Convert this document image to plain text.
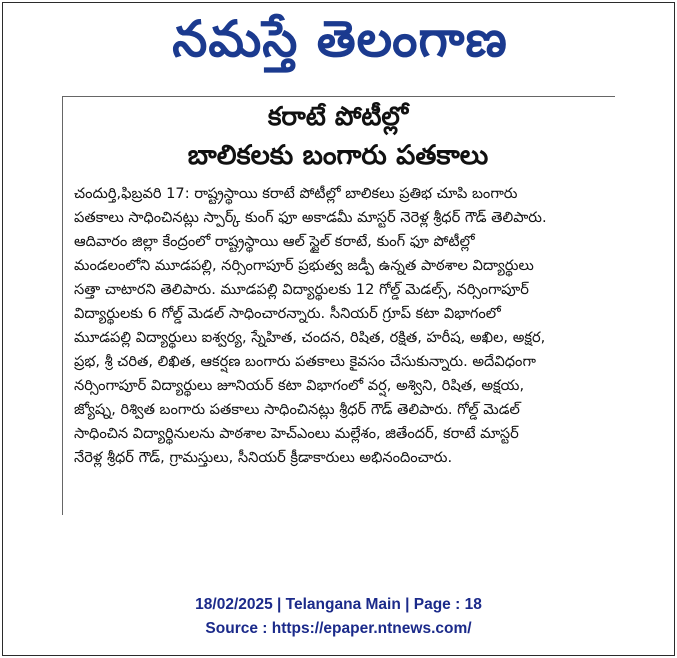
నమస్తే తెలంగాణ
కరాటే పోటీల్లో
బాలికలకు బంగారు పతకాలు
చందుర్తి,ఫిబ్రవరి 17: రాష్ట్రస్థాయి కరాటే పోటీల్లో బాలికలు ప్రతిభ చూపి బంగారు
పతకాలు సాధించినట్లు స్పార్క్ కుంగ్ ఫూ అకాడమీ మాస్టర్ నెరెళ్ల శ్రీధర్ గౌడ్ తెలిపారు.
ఆదివారం జిల్లా కేంద్రంలో రాష్ట్రస్థాయి ఆల్ స్టైల్ కరాటే, కుంగ్ ఫూ పోటీల్లో
మండలంలోని మూడపల్లి, నర్సింగాపూర్ ప్రభుత్వ జడ్పీ ఉన్నత పాఠశాల విద్యార్థులు
సత్తా చాటారని తెలిపారు. మూడపల్లి విద్యార్థులకు 12 గోల్డ్ మెడల్స్, నర్సింగాపూర్
విద్యార్థులకు 6 గోల్డ్ మెడల్ సాధించారన్నారు. సీనియర్ గ్రూప్ కటా విభాగంలో
మూడపల్లి విద్యార్థులు ఐశ్వర్య, స్నేహిత, చందన, రిషిత, రక్షిత, హరీష, అఖిల, అక్షర,
ప్రభ, శ్రీ చరిత, లిఖిత, ఆకర్షణ బంగారు పతకాలు కైవసం చేసుకున్నారు. అదేవిధంగా
నర్సింగాపూర్ విద్యార్థులు జూనియర్ కటా విభాగంలో వర్ష, అశ్విని, రిషిత, అక్షయ,
జ్యోష్న, రిశ్విత బంగారు పతకాలు సాధించినట్లు శ్రీధర్ గౌడ్ తెలిపారు. గోల్డ్ మెడల్
సాధించిన విద్యార్థినులను పాఠశాల హెచ్ఎంలు మల్లేశం, జితేందర్, కరాటే మాస్టర్
నేరెళ్ల శ్రీధర్ గౌడ్, గ్రామస్తులు, సీనియర్ క్రీడాకారులు అభినందించారు.
18/02/2025 | Telangana Main | Page : 18
Source : https://epaper.ntnews.com/
